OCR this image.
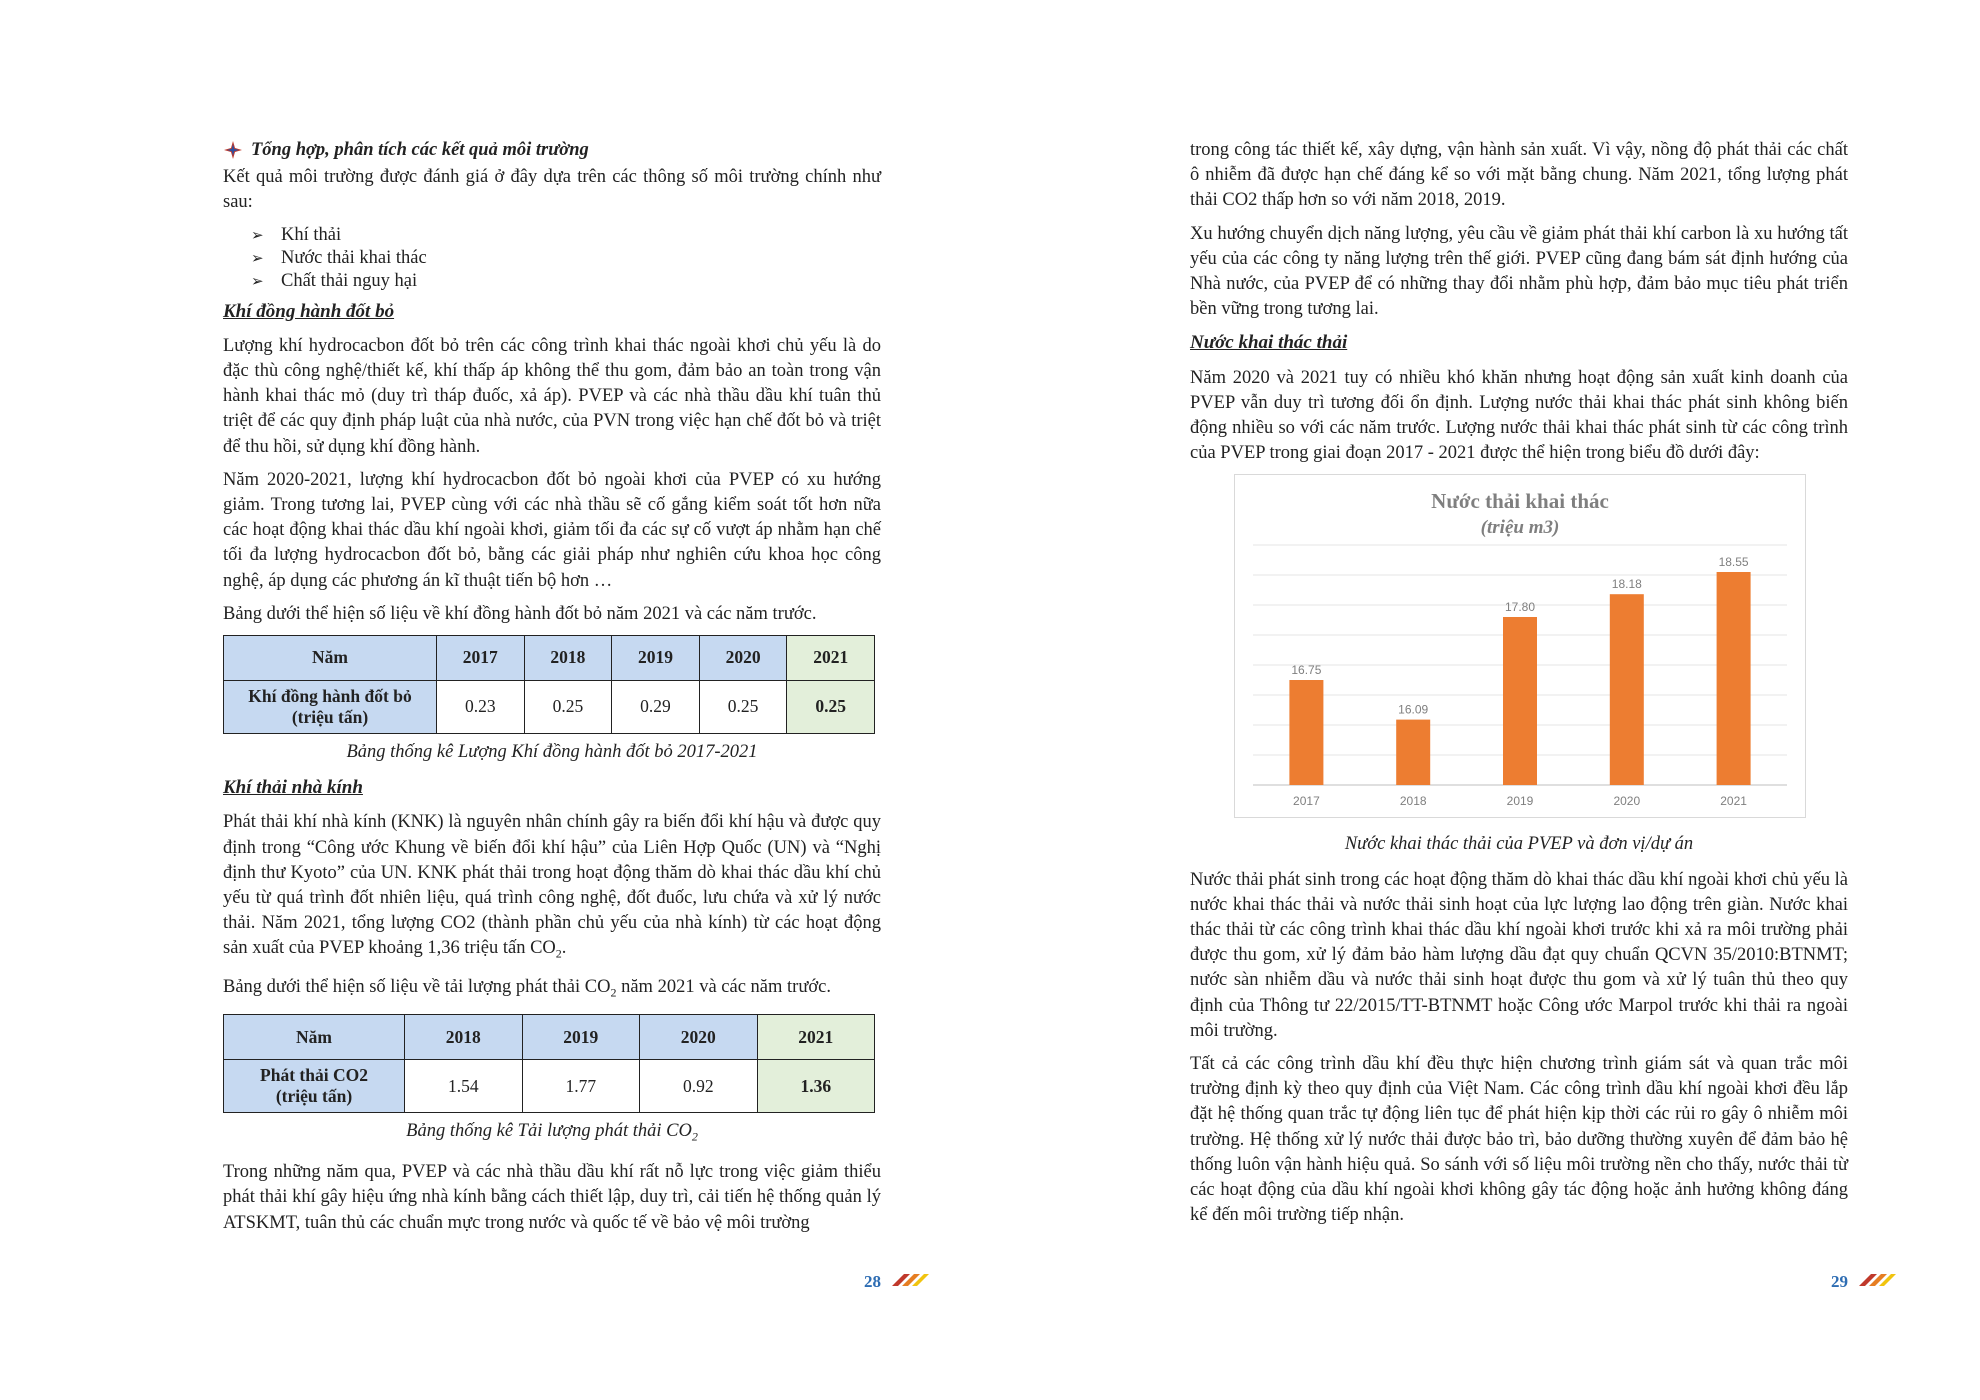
Tổng hợp, phân tích các kết quả môi trường

Kết quả môi trường được đánh giá ở đây dựa trên các thông số môi trường chính như sau:

➢ Khí thải
➢ Nước thải khai thác
➢ Chất thải nguy hại
Khí đồng hành đốt bỏ

Lượng khí hydrocacbon đốt bỏ trên các công trình khai thác ngoài khơi chủ yếu là do đặc thù công nghệ/thiết kế, khí thấp áp không thể thu gom, đảm bảo an toàn trong vận hành khai thác mỏ (duy trì tháp đuốc, xả áp). PVEP và các nhà thầu dầu khí tuân thủ triệt để các quy định pháp luật của nhà nước, của PVN trong việc hạn chế đốt bỏ và triệt để thu hồi, sử dụng khí đồng hành.

Năm 2020-2021, lượng khí hydrocacbon đốt bỏ ngoài khơi của PVEP có xu hướng giảm. Trong tương lai, PVEP cùng với các nhà thầu sẽ cố gắng kiểm soát tốt hơn nữa các hoạt động khai thác dầu khí ngoài khơi, giảm tối đa các sự cố vượt áp nhằm hạn chế tối đa lượng hydrocacbon đốt bỏ, bằng các giải pháp như nghiên cứu khoa học công nghệ, áp dụng các phương án kĩ thuật tiến bộ hơn …

Bảng dưới thể hiện số liệu về khí đồng hành đốt bỏ năm 2021 và các năm trước.

Năm	2017	2018	2019	2020	2021
Khí đồng hành đốt bỏ
(triệu tấn)	0.23	0.25	0.29	0.25	0.25
Bảng thống kê Lượng Khí đồng hành đốt bỏ 2017-2021
Khí thải nhà kính

Phát thải khí nhà kính (KNK) là nguyên nhân chính gây ra biến đổi khí hậu và được quy định trong “Công ước Khung về biến đổi khí hậu” của Liên Hợp Quốc (UN) và “Nghị định thư Kyoto” của UN. KNK phát thải trong hoạt động thăm dò khai thác dầu khí chủ yếu từ quá trình đốt nhiên liệu, quá trình công nghệ, đốt đuốc, lưu chứa và xử lý nước thải. Năm 2021, tổng lượng CO2 (thành phần chủ yếu của nhà kính) từ các hoạt động sản xuất của PVEP khoảng 1,36 triệu tấn $CO_2$.

Bảng dưới thể hiện số liệu về tải lượng phát thải $CO_2$ năm 2021 và các năm trước.

Năm	2018	2019	2020	2021
Phát thải CO2
(triệu tấn)	1.54	1.77	0.92	1.36
Bảng thống kê Tải lượng phát thải $CO_2$

Trong những năm qua, PVEP và các nhà thầu dầu khí rất nỗ lực trong việc giảm thiểu phát thải khí gây hiệu ứng nhà kính bằng cách thiết lập, duy trì, cải tiến hệ thống quản lý ATSKMT, tuân thủ các chuẩn mực trong nước và quốc tế về bảo vệ môi trường

28

trong công tác thiết kế, xây dựng, vận hành sản xuất. Vì vậy, nồng độ phát thải các chất ô nhiễm đã được hạn chế đáng kể so với mặt bằng chung. Năm 2021, tổng lượng phát thải CO2 thấp hơn so với năm 2018, 2019.

Xu hướng chuyển dịch năng lượng, yêu cầu về giảm phát thải khí carbon là xu hướng tất yếu của các công ty năng lượng trên thế giới. PVEP cũng đang bám sát định hướng của Nhà nước, của PVEP để có những thay đổi nhằm phù hợp, đảm bảo mục tiêu phát triển bền vững trong tương lai.

Nước khai thác thải

Năm 2020 và 2021 tuy có nhiều khó khăn nhưng hoạt động sản xuất kinh doanh của PVEP vẫn duy trì tương đối ổn định. Lượng nước thải khai thác phát sinh không biến động nhiều so với các năm trước. Lượng nước thải khai thác phát sinh từ các công trình của PVEP trong giai đoạn 2017 - 2021 được thể hiện trong biểu đồ dưới đây:

16.75
2017
16.09
2018
17.80
2019
18.18
2020
18.55
2021
Nước thải khai thác
(triệu m3)
Nước khai thác thải của PVEP và đơn vị/dự án

Nước thải phát sinh trong các hoạt động thăm dò khai thác dầu khí ngoài khơi chủ yếu là nước khai thác thải và nước thải sinh hoạt của lực lượng lao động trên giàn. Nước khai thác thải từ các công trình khai thác dầu khí ngoài khơi trước khi xả ra môi trường phải được thu gom, xử lý đảm bảo hàm lượng dầu đạt quy chuẩn QCVN 35/2010:BTNMT; nước sàn nhiễm dầu và nước thải sinh hoạt được thu gom và xử lý tuân thủ theo quy định của Thông tư 22/2015/TT-BTNMT hoặc Công ước Marpol trước khi thải ra ngoài môi trường.

Tất cả các công trình dầu khí đều thực hiện chương trình giám sát và quan trắc môi trường định kỳ theo quy định của Việt Nam. Các công trình dầu khí ngoài khơi đều lắp đặt hệ thống quan trắc tự động liên tục để phát hiện kịp thời các rủi ro gây ô nhiễm môi trường. Hệ thống xử lý nước thải được bảo trì, bảo dưỡng thường xuyên để đảm bảo hệ thống luôn vận hành hiệu quả. So sánh với số liệu môi trường nền cho thấy, nước thải từ các hoạt động của dầu khí ngoài khơi không gây tác động hoặc ảnh hưởng không đáng kể đến môi trường tiếp nhận.

29
